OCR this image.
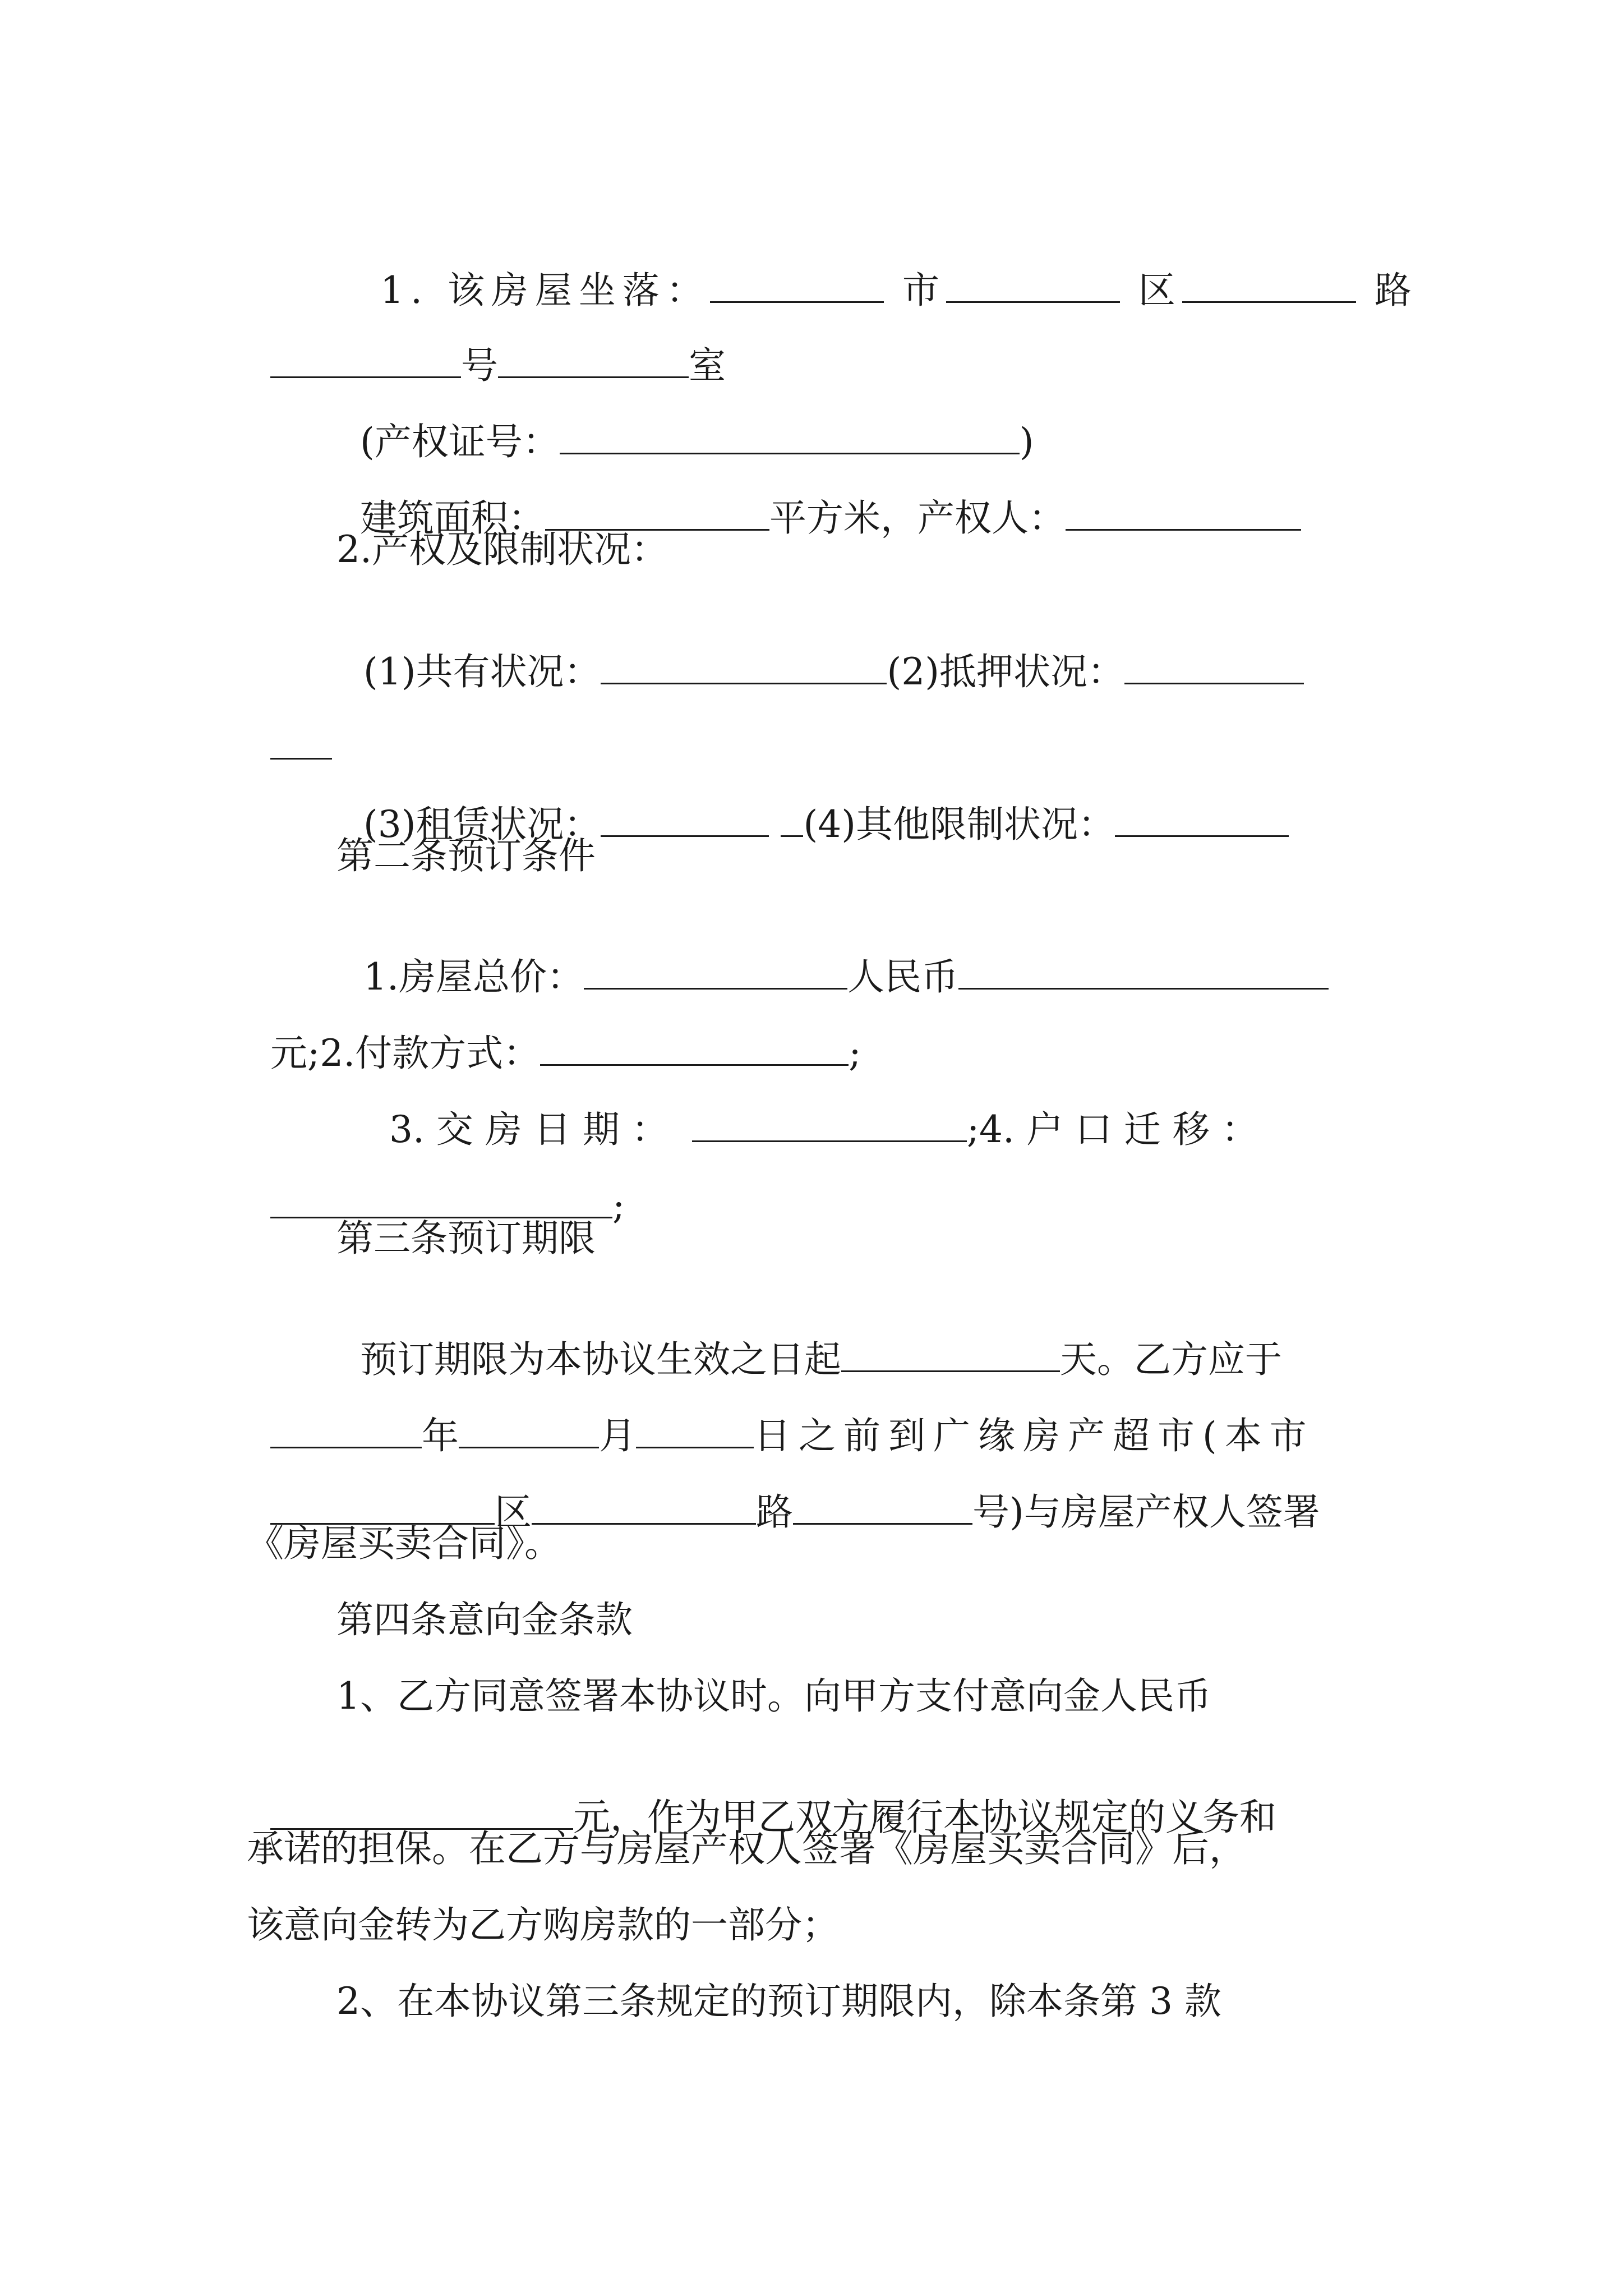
1. 该房屋坐落：	市	区	路

号	室

(产权证号：	)

建筑面积：	平方米，产权人：

2.产权及限制状况：

(1)共有状况：	(2)抵押状况：

(3)租赁状况：	(4)其他限制状况：

第二条预订条件

1.房屋总价：	人民币

元;2.付款方式：	;

3. 交 房 日 期 ：	;4. 户 口 迁 移 ：

;

第三条预订期限

预订期限为本协议生效之日起	天。乙方应于

年	月	日之前到广缘房产超市(本市

区	路	号)与房屋产权人签署

《房屋买卖合同》。
第四条意向金条款
1、乙方同意签署本协议时。向甲方支付意向金人民币

元，作为甲乙双方履行本协议规定的义务和

承诺的担保。在乙方与房屋产权人签署《房屋买卖合同》后，
该意向金转为乙方购房款的一部分；
2、在本协议第三条规定的预订期限内，除本条第 3 款
